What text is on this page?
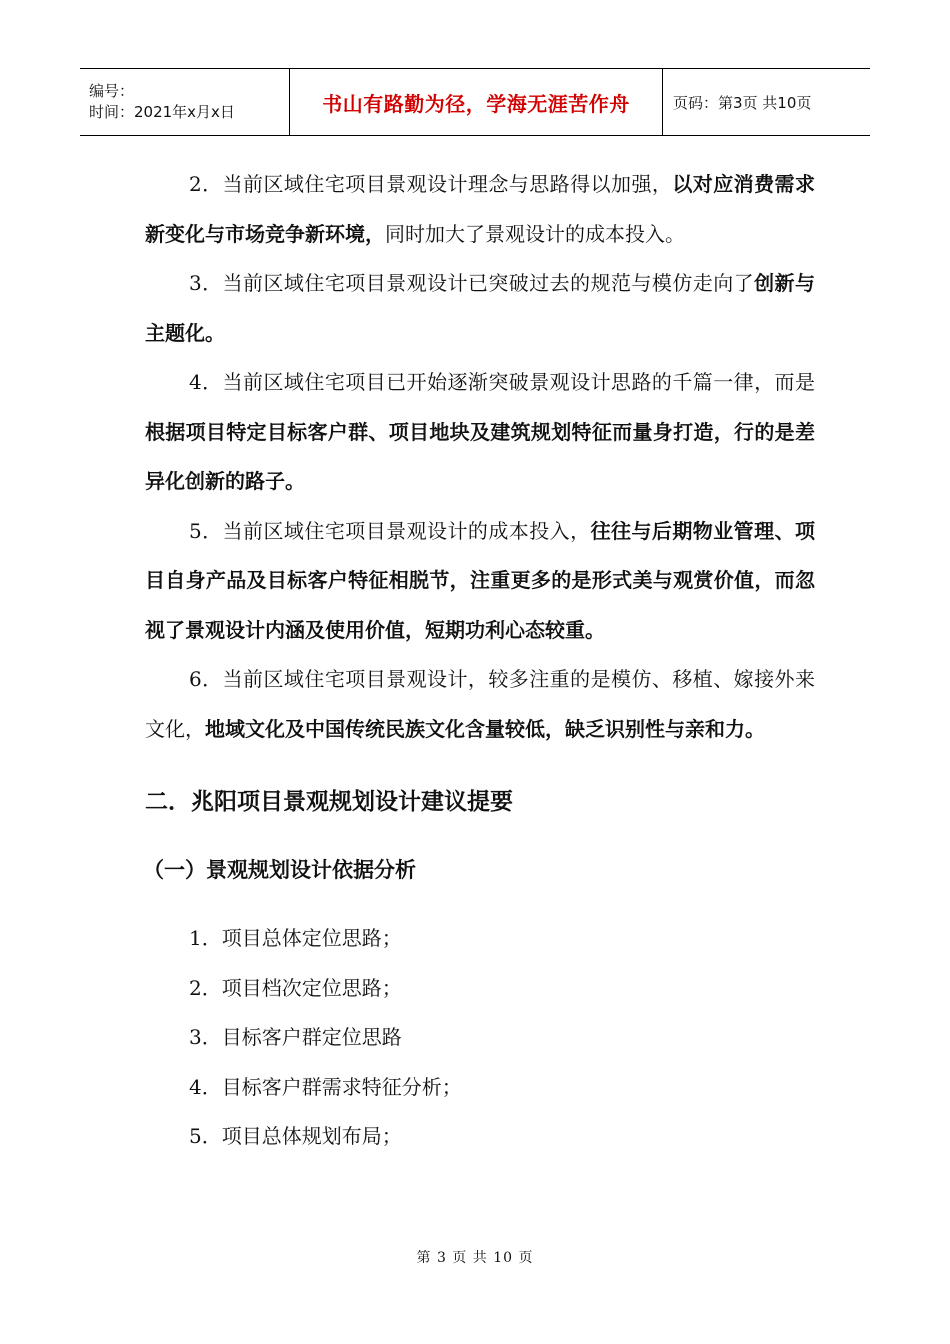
编号：
时间：2021年x月x日	书山有路勤为径，学海无涯苦作舟	页码：第3页 共10页

2．当前区域住宅项目景观设计理念与思路得以加强，以对应消费需求新变化与市场竞争新环境，同时加大了景观设计的成本投入。

3．当前区域住宅项目景观设计已突破过去的规范与模仿走向了创新与主题化。

4．当前区域住宅项目已开始逐渐突破景观设计思路的千篇一律，而是根据项目特定目标客户群、项目地块及建筑规划特征而量身打造，行的是差异化创新的路子。

5．当前区域住宅项目景观设计的成本投入，往往与后期物业管理、项目自身产品及目标客户特征相脱节，注重更多的是形式美与观赏价值，而忽视了景观设计内涵及使用价值，短期功利心态较重。

6．当前区域住宅项目景观设计，较多注重的是模仿、移植、嫁接外来文化，地域文化及中国传统民族文化含量较低，缺乏识别性与亲和力。

二．兆阳项目景观规划设计建议提要
（一）景观规划设计依据分析
1．项目总体定位思路；
2．项目档次定位思路；
3．目标客户群定位思路
4．目标客户群需求特征分析；
5．项目总体规划布局；
第 3 页 共 10 页
